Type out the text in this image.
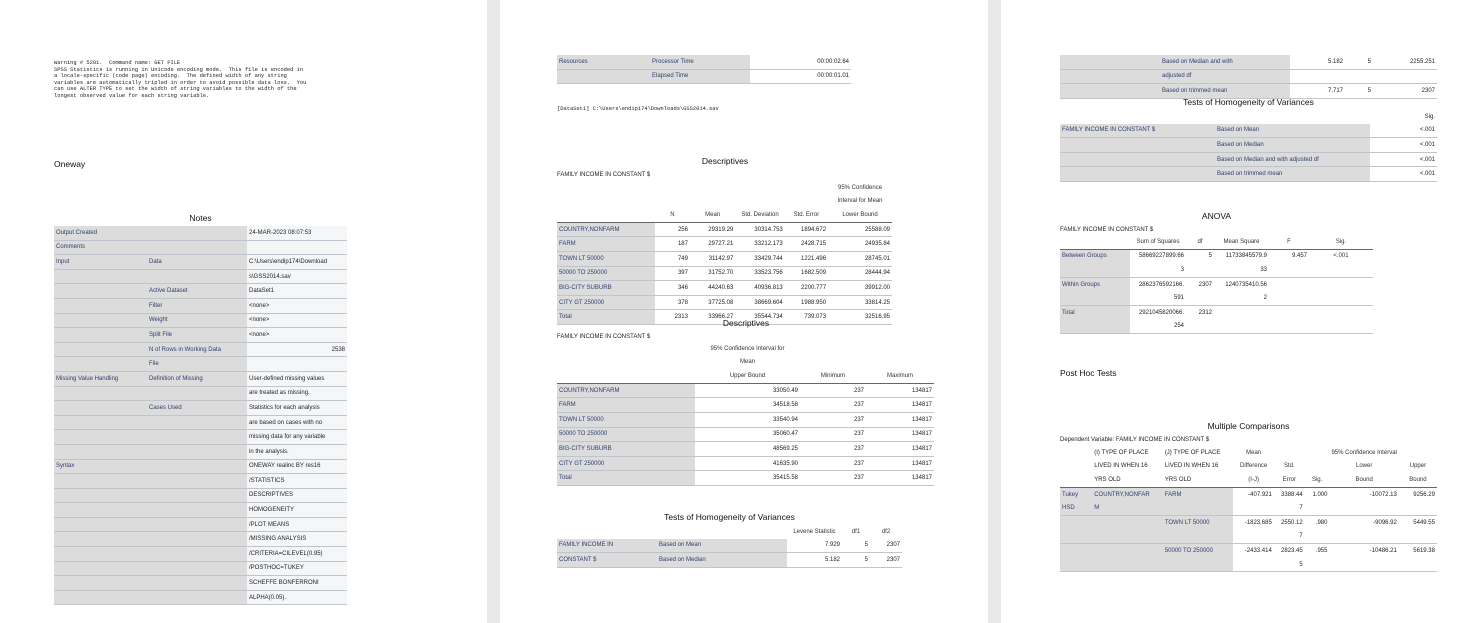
Warning # 5281.  Command name: GET FILE
SPSS Statistics is running in Unicode encoding mode.  This file is encoded in
a locale-specific (code page) encoding.  The defined width of any string
variables are automatically tripled in order to avoid possible data loss.  You
can use ALTER TYPE to set the width of string variables to the width of the
longest observed value for each string variable.
Oneway
Notes
Output Created		24-MAR-2023 08:07:53
Comments		
Input	Data	C:\Users\endip174\Download
		s\GSS2014.sav
	Active Dataset	DataSet1
	Filter	<none>
	Weight	<none>
	Split File	<none>
	N of Rows in Working Data	2538
	File	
Missing Value Handling	Definition of Missing	User-defined missing values
		are treated as missing.
	Cases Used	Statistics for each analysis
		are based on cases with no
		missing data for any variable
		in the analysis.
Syntax		ONEWAY realinc BY res16
		/STATISTICS
		DESCRIPTIVES
		HOMOGENEITY
		/PLOT MEANS
		/MISSING ANALYSIS
		/CRITERIA=CILEVEL(0.95)
		/POSTHOC=TUKEY
		SCHEFFE BONFERRONI
		ALPHA(0.05).
Resources	Processor Time	00:00:02.64
	Elapsed Time	00:00:01.01
[DataSet1] C:\Users\endip174\Downloads\GSS2014.sav
Descriptives
FAMILY INCOME IN CONSTANT $
					95% Confidence
					Interval for Mean
	N	Mean	Std. Deviation	Std. Error	Lower Bound
COUNTRY,NONFARM	256	29319.29	30314.753	1894.672	25588.09
FARM	187	29727.21	33212.173	2428.715	24935.84
TOWN LT 50000	749	31142.97	33429.744	1221.496	28745.01
50000 TO 250000	397	31752.70	33523.756	1682.509	28444.94
BIG-CITY SUBURB	346	44240.63	40936.813	2200.777	39912.00
CITY GT 250000	378	37725.08	38669.604	1988.950	33814.25
Total	2313	33966.27	35544.734	739.073	32516.95
Descriptives
FAMILY INCOME IN CONSTANT $
	95% Confidence Interval for		
	Mean		
	Upper Bound	Minimum	Maximum
COUNTRY,NONFARM	33050.49	237	134817
FARM	34518.58	237	134817
TOWN LT 50000	33540.94	237	134817
50000 TO 250000	35060.47	237	134817
BIG-CITY SUBURB	48569.25	237	134817
CITY GT 250000	41635.90	237	134817
Total	35415.58	237	134817
Tests of Homogeneity of Variances
		Levene Statistic	df1	df2
FAMILY INCOME IN	Based on Mean	7.929	5	2307
CONSTANT $	Based on Median	5.182	5	2307
	Based on Median and with	5.182	5	2255.251
	adjusted df			
	Based on trimmed mean	7.717	5	2307
Tests of Homogeneity of Variances
		Sig.
FAMILY INCOME IN CONSTANT $	Based on Mean	<.001
	Based on Median	<.001
	Based on Median and with adjusted df	<.001
	Based on trimmed mean	<.001
ANOVA
FAMILY INCOME IN CONSTANT $
	Sum of Squares	df	Mean Square	F	Sig.
Between Groups	58669227899.66	5	11733845579.9	9.457	<.001
	3		33		
Within Groups	2862376592166.	2307	1240735410.56		
	591		2		
Total	2921045820066.	2312			
	254				
Post Hoc Tests
Multiple Comparisons
Dependent Variable: FAMILY INCOME IN CONSTANT $
	(I) TYPE OF PLACE	(J) TYPE OF PLACE	Mean			95% Confidence Interval	
	LIVED IN WHEN 16	LIVED IN WHEN 16	Difference	Std.		Lower	Upper
	YRS OLD	YRS OLD	(I-J)	Error	Sig.	Bound	Bound
Tukey	COUNTRY,NONFAR	FARM	-407.921	3388.44	1.000	-10072.13	9256.29
HSD	M			7			
		TOWN LT 50000	-1823.685	2550.12	.980	-9096.92	5449.55
				7			
		50000 TO 250000	-2433.414	2823.45	.955	-10486.21	5619.38
				5			
